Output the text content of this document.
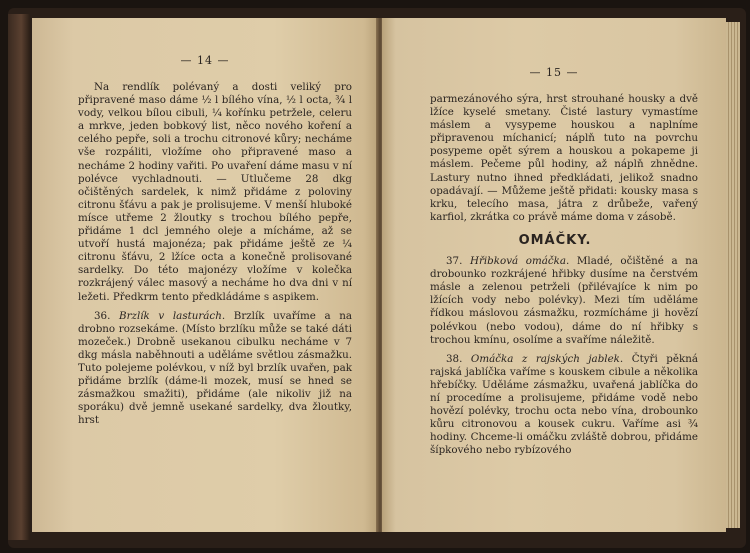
— 14 —

Na rendlík polévaný a dosti veliký pro připravené maso dáme ½ l bílého vína, ½ l octa, ¾ l vody, velkou bílou cibuli, ¼ kořínku petržele, celeru a mrkve, jeden bobkový list, něco nového koření a celého pepře, soli a trochu citronové kůry; necháme vše rozpáliti, vložíme oho připravené maso a necháme 2 hodiny vařiti. Po uvaření dáme masu v ní polévce vychladnouti. — Utlučeme 28 dkg očištěných sardelek, k nimž přidáme z poloviny citronu šťávu a pak je prolisujeme. V menší hluboké mísce utřeme 2 žloutky s trochou bílého pepře, přidáme 1 dcl jemného oleje a mícháme, až se utvoří hustá majonéza; pak přidáme ještě ze ¼ citronu šťávu, 2 lžíce octa a konečně prolisované sardelky. Do této majonézy vložíme v kolečka rozkrájený válec masový a necháme ho dva dni v ní ležeti. Předkrm tento předkládáme s aspikem.

36. Brzlík v lasturách. Brzlík uvaříme a na drobno rozsekáme. (Místo brzlíku může se také dáti mozeček.) Drobně usekanou cibulku necháme v 7 dkg másla naběhnouti a uděláme světlou zásmažku. Tuto polejeme polévkou, v níž byl brzlík uvařen, pak přidáme brzlík (dáme-li mozek, musí se hned se zásmažkou smažiti), přidáme (ale nikoliv již na sporáku) dvě jemně usekané sardelky, dva žloutky, hrst

— 15 —

parmezánového sýra, hrst strouhané housky a dvě lžíce kyselé smetany. Čisté lastury vymastíme máslem a vysypeme houskou a naplníme připravenou míchanicí; náplň tuto na povrchu posypeme opět sýrem a houskou a pokapeme ji máslem. Pečeme půl hodiny, až náplň zhnědne. Lastury nutno ihned předkládati, jelikož snadno opadávají. — Můžeme ještě přidati: kousky masa s krku, telecího masa, játra z drůbeže, vařený karfiol, zkrátka co právě máme doma v zásobě.

OMÁČKY.

37. Hřibková omáčka. Mladé, očištěné a na drobounko rozkrájené hřibky dusíme na čerstvém másle a zelenou petrželi (přilévajíce k nim po lžících vody nebo polévky). Mezi tím uděláme řídkou máslovou zásmažku, rozmícháme ji hovězí polévkou (nebo vodou), dáme do ní hřibky s trochou kmínu, osolíme a svaříme náležitě.

38. Omáčka z rajských jablek. Čtyři pěkná rajská jablíčka vaříme s kouskem cibule a několika hřebíčky. Uděláme zásmažku, uvařená jablíčka do ní procedíme a prolisujeme, přidáme vodě nebo hovězí polévky, trochu octa nebo vína, drobounko kůru citronovou a kousek cukru. Vaříme asi ¾ hodiny. Chceme-li omáčku zvláště dobrou, přidáme šípkového nebo rybízového
